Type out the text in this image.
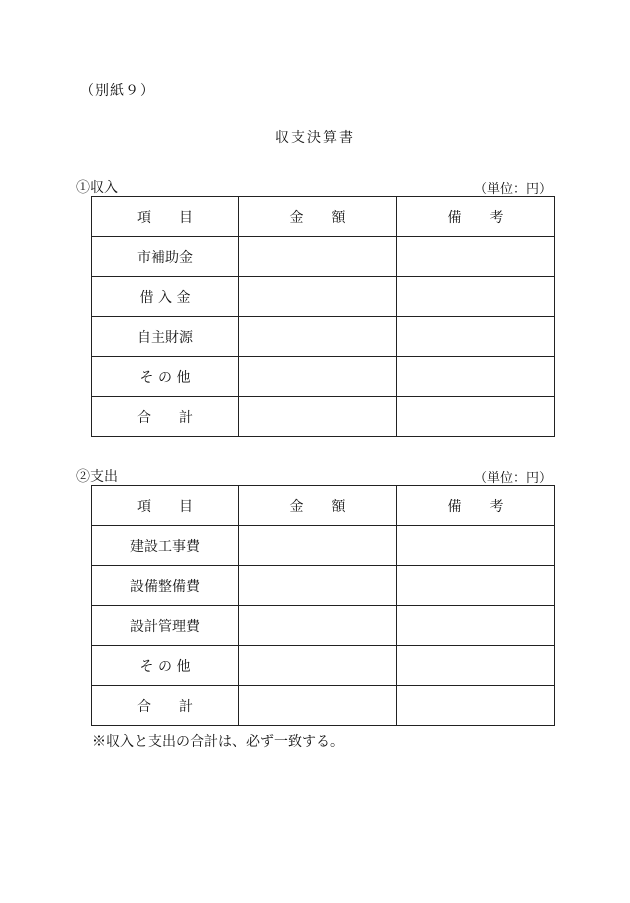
（別紙９）
収支決算書
①収入	（単位：円）
項　　目	金　　額	備　　考
市補助金		
借 入 金		
自主財源		
そ の 他		
合　　計		
②支出	（単位：円）
項　　目	金　　額	備　　考
建設工事費		
設備整備費		
設計管理費		
そ の 他		
合　　計		
※収入と支出の合計は、必ず一致する。
